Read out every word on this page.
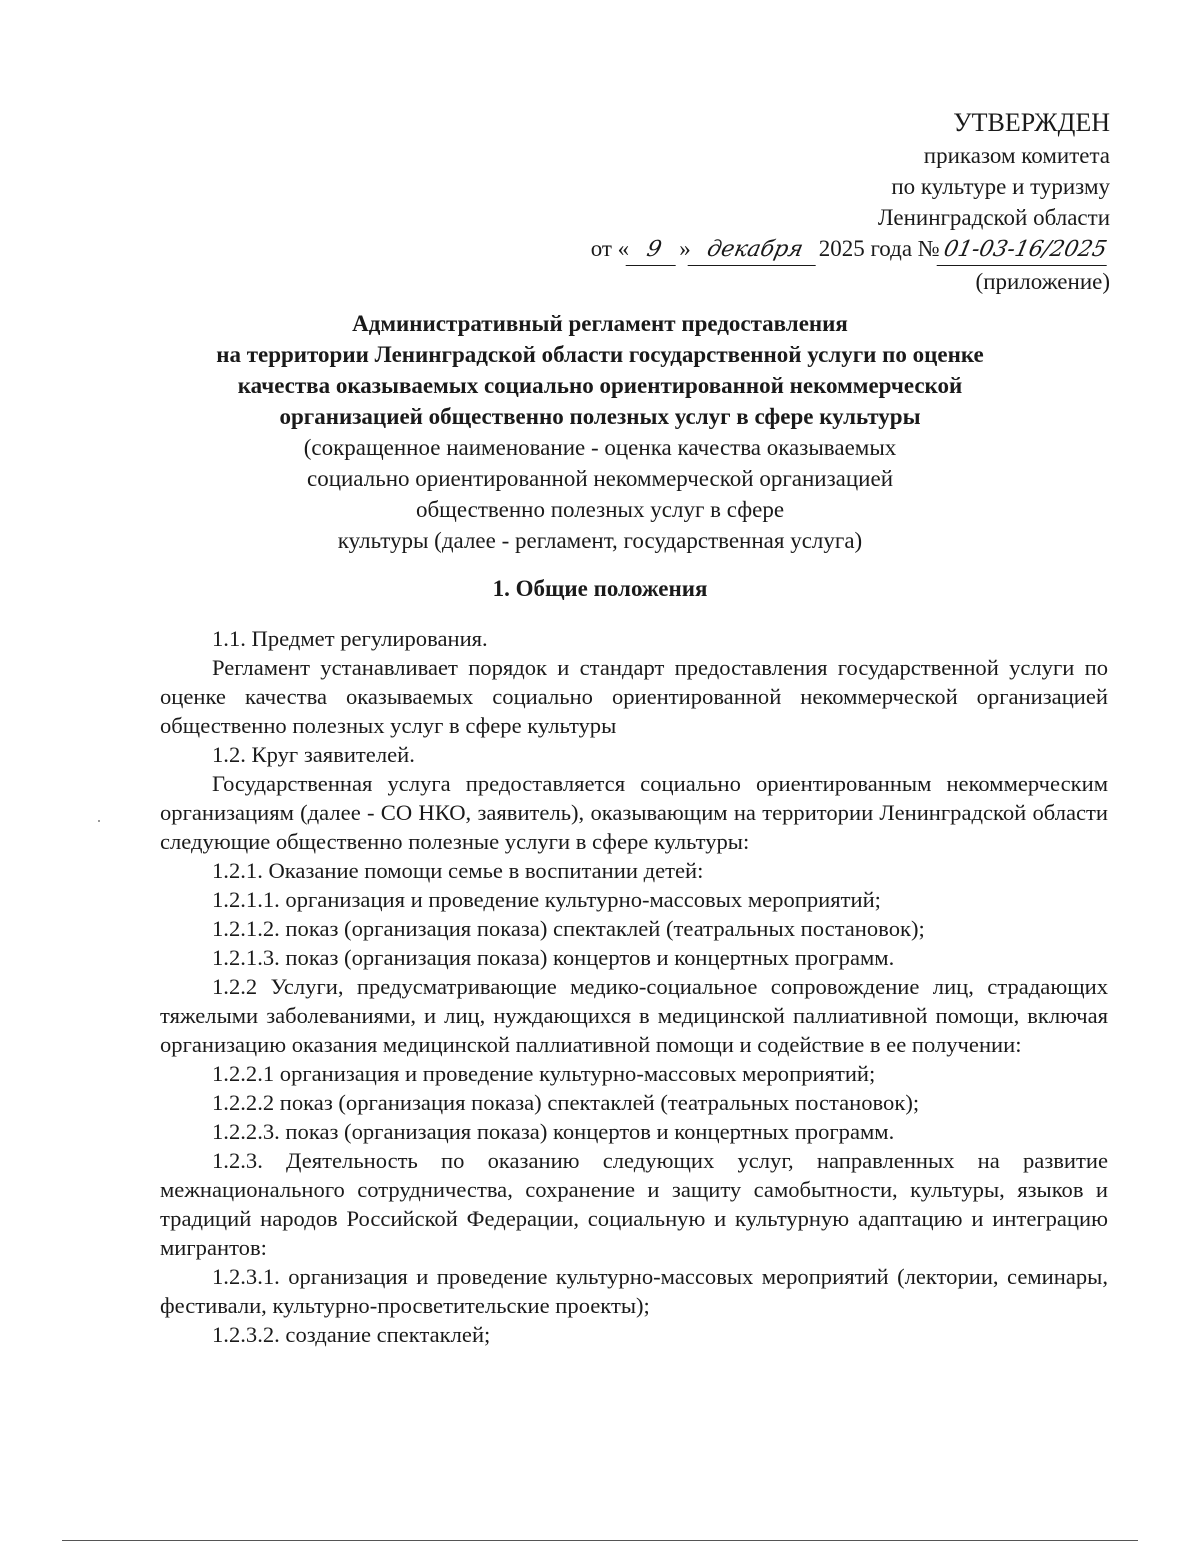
УТВЕРЖДЕН
приказом комитета
по культуре и туризму
Ленинградской области
от « 9 » декабря 2025 года №01-03-16/2025
(приложение)
Административный регламент предоставления
на территории Ленинградской области государственной услуги по оценке
качества оказываемых социально ориентированной некоммерческой
организацией общественно полезных услуг в сфере культуры
(сокращенное наименование - оценка качества оказываемых
социально ориентированной некоммерческой организацией
общественно полезных услуг в сфере
культуры (далее - регламент, государственная услуга)
1. Общие положения

1.1. Предмет регулирования.

Регламент устанавливает порядок и стандарт предоставления государственной услуги по оценке качества оказываемых социально ориентированной некоммерческой организацией общественно полезных услуг в сфере культуры

1.2. Круг заявителей.

Государственная услуга предоставляется социально ориентированным некоммерческим организациям (далее - СО НКО, заявитель), оказывающим на территории Ленинградской области следующие общественно полезные услуги в сфере культуры:

1.2.1. Оказание помощи семье в воспитании детей:

1.2.1.1. организация и проведение культурно-массовых мероприятий;

1.2.1.2. показ (организация показа) спектаклей (театральных постановок);

1.2.1.3. показ (организация показа) концертов и концертных программ.

1.2.2 Услуги, предусматривающие медико-социальное сопровождение лиц, страдающих тяжелыми заболеваниями, и лиц, нуждающихся в медицинской паллиативной помощи, включая организацию оказания медицинской паллиативной помощи и содействие в ее получении:

1.2.2.1 организация и проведение культурно-массовых мероприятий;

1.2.2.2 показ (организация показа) спектаклей (театральных постановок);

1.2.2.3. показ (организация показа) концертов и концертных программ.

1.2.3. Деятельность по оказанию следующих услуг, направленных на развитие межнационального сотрудничества, сохранение и защиту самобытности, культуры, языков и традиций народов Российской Федерации, социальную и культурную адаптацию и интеграцию мигрантов:

1.2.3.1. организация и проведение культурно-массовых мероприятий (лектории, семинары, фестивали, культурно-просветительские проекты);

1.2.3.2. создание спектаклей;
